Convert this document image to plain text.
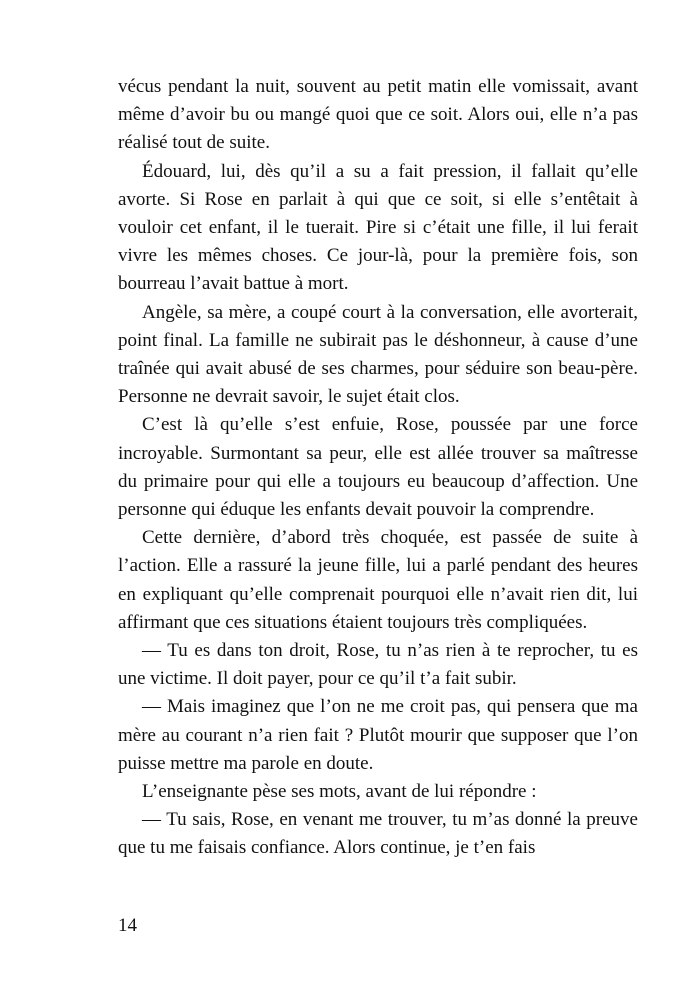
vécus pendant la nuit, souvent au petit matin elle vomissait, avant même d’avoir bu ou mangé quoi que ce soit. Alors oui, elle n’a pas réalisé tout de suite.

Édouard, lui, dès qu’il a su a fait pression, il fallait qu’elle avorte. Si Rose en parlait à qui que ce soit, si elle s’entêtait à vouloir cet enfant, il le tuerait. Pire si c’était une fille, il lui ferait vivre les mêmes choses. Ce jour-là, pour la première fois, son bourreau l’avait battue à mort.

Angèle, sa mère, a coupé court à la conversation, elle avorterait, point final. La famille ne subirait pas le déshonneur, à cause d’une traînée qui avait abusé de ses charmes, pour séduire son beau-père. Personne ne devrait savoir, le sujet était clos.

C’est là qu’elle s’est enfuie, Rose, poussée par une force incroyable. Surmontant sa peur, elle est allée trouver sa maîtresse du primaire pour qui elle a toujours eu beaucoup d’affection. Une personne qui éduque les enfants devait pouvoir la comprendre.

Cette dernière, d’abord très choquée, est passée de suite à l’action. Elle a rassuré la jeune fille, lui a parlé pendant des heures en expliquant qu’elle comprenait pourquoi elle n’avait rien dit, lui affirmant que ces situations étaient toujours très compliquées.

— Tu es dans ton droit, Rose, tu n’as rien à te reprocher, tu es une victime. Il doit payer, pour ce qu’il t’a fait subir.

— Mais imaginez que l’on ne me croit pas, qui pensera que ma mère au courant n’a rien fait ? Plutôt mourir que supposer que l’on puisse mettre ma parole en doute.

L’enseignante pèse ses mots, avant de lui répondre :

— Tu sais, Rose, en venant me trouver, tu m’as donné la preuve que tu me faisais confiance. Alors continue, je t’en fais

14
